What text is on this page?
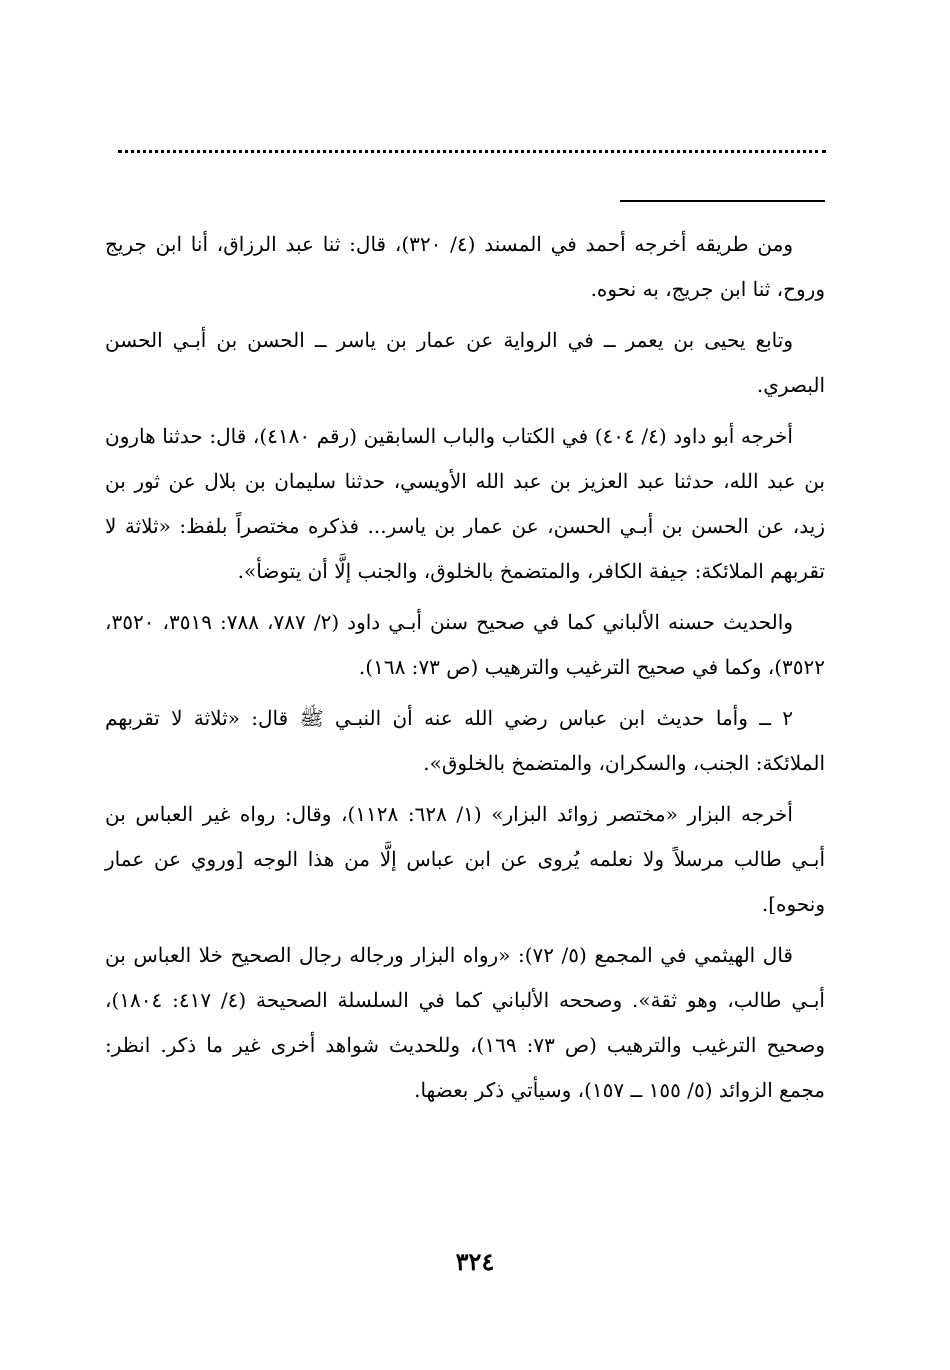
ومن طريقه أخرجه أحمد في المسند (٤/ ٣٢٠)، قال: ثنا عبد الرزاق، أنا ابن جريج وروح، ثنا ابن جريج، به نحوه.

وتابع يحيى بن يعمر ــ في الرواية عن عمار بن ياسر ــ الحسن بن أبـي الحسن البصري.

أخرجه أبو داود (٤/ ٤٠٤) في الكتاب والباب السابقين (رقم ٤١٨٠)، قال: حدثنا هارون بن عبد الله، حدثنا عبد العزيز بن عبد الله الأويسي، حدثنا سليمان بن بلال عن ثور بن زيد، عن الحسن بن أبـي الحسن، عن عمار بن ياسر... فذكره مختصراً بلفظ: «ثلاثة لا تقربهم الملائكة: جيفة الكافر، والمتضمخ بالخلوق، والجنب إلَّا أن يتوضأ».

والحديث حسنه الألباني كما في صحيح سنن أبـي داود (٢/ ٧٨٧، ٧٨٨: ٣٥١٩، ٣٥٢٠، ٣٥٢٢)، وكما في صحيح الترغيب والترهيب (ص ٧٣: ١٦٨).

٢ ــ وأما حديث ابن عباس رضي الله عنه أن النبـي ﷺ قال: «ثلاثة لا تقربهم الملائكة: الجنب، والسكران، والمتضمخ بالخلوق».

أخرجه البزار «مختصر زوائد البزار» (١/ ٦٢٨: ١١٢٨)، وقال: رواه غير العباس بن أبـي طالب مرسلاً ولا نعلمه يُروى عن ابن عباس إلَّا من هذا الوجه [وروي عن عمار ونحوه].

قال الهيثمي في المجمع (٥/ ٧٢): «رواه البزار ورجاله رجال الصحيح خلا العباس بن أبـي طالب، وهو ثقة». وصححه الألباني كما في السلسلة الصحيحة (٤/ ٤١٧: ١٨٠٤)، وصحيح الترغيب والترهيب (ص ٧٣: ١٦٩)، وللحديث شواهد أخرى غير ما ذكر. انظر: مجمع الزوائد (٥/ ١٥٥ ــ ١٥٧)، وسيأتي ذكر بعضها.

٣٢٤
